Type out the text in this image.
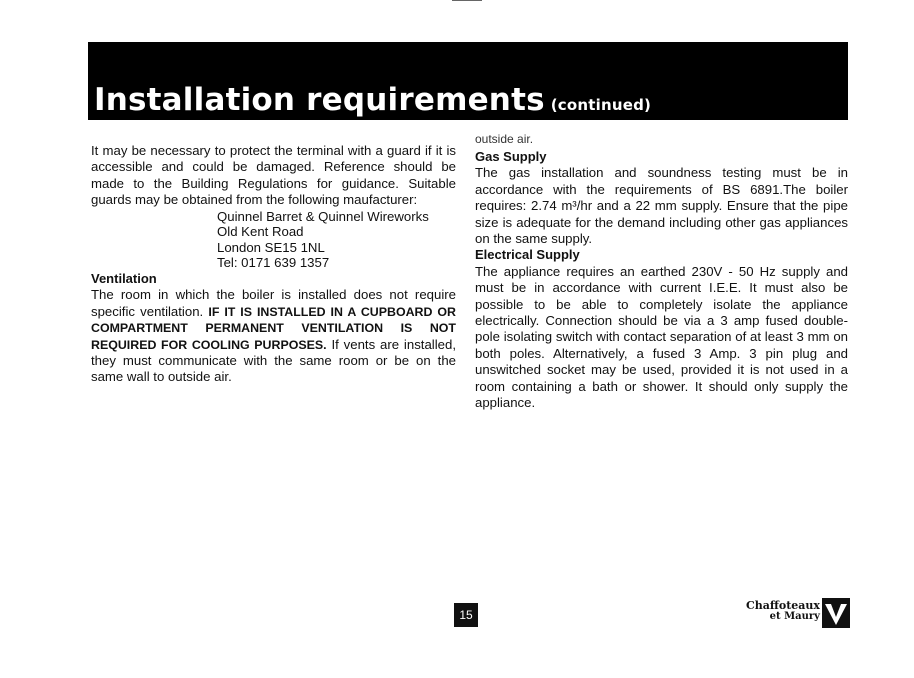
Installation requirements (continued)

It may be necessary to protect the terminal with a guard if it is accessible and could be damaged. Reference should be made to the Building Regulations for guidance. Suitable guards may be obtained from the following maufacturer:

Quinnel Barret & Quinnel Wireworks
Old Kent Road
London SE15 1NL
Tel: 0171 639 1357

Ventilation

The room in which the boiler is installed does not require specific ventilation. IF IT IS INSTALLED IN A CUPBOARD OR COMPARTMENT PERMANENT VENTILATION IS NOT REQUIRED FOR COOLING PURPOSES. If vents are installed, they must communicate with the same room or be on the same wall to outside air.

outside air.

Gas Supply

The gas installation and soundness testing must be in accordance with the requirements of BS 6891.The boiler requires: 2.74 m³/hr and a 22 mm supply. Ensure that the pipe size is adequate for the demand including other gas appliances on the same supply.

Electrical Supply

The appliance requires an earthed 230V - 50 Hz supply and must be in accordance with current I.E.E. It must also be possible to be able to completely isolate the appliance electrically. Connection should be via a 3 amp fused double-pole isolating switch with contact separation of at least 3 mm on both poles. Alternatively, a fused 3 Amp. 3 pin plug and unswitched socket may be used, provided it is not used in a room containing a bath or shower. It should only supply the appliance.

15
Chaffoteaux
et Maury
